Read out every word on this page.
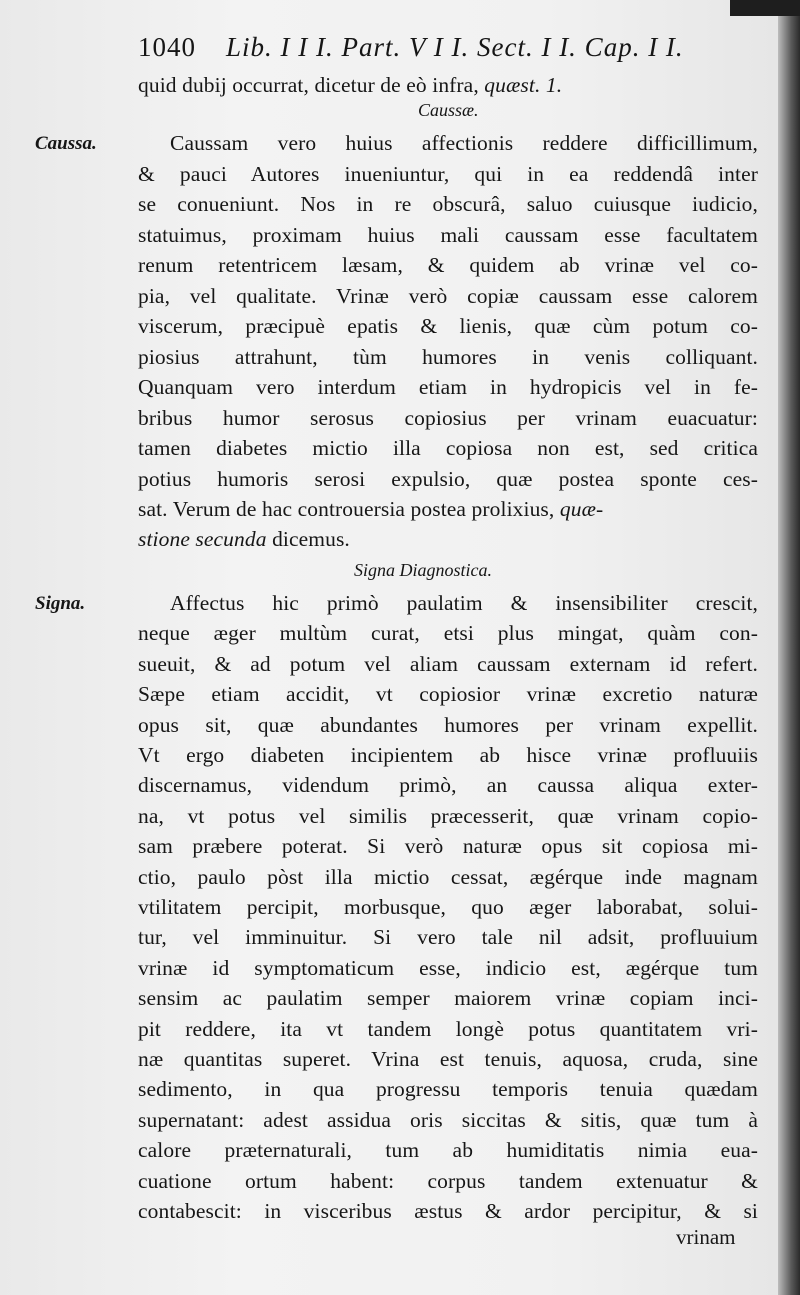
1040 Lib. I I I. Part. V I I. Sect. I I. Cap. I I.
quid dubij occurrat, dicetur de eò infra, quæst. 1.
Caussæ.
Caussa.	Caussam vero huius affectionis reddere difficillimum,
& pauci Autores inueniuntur, qui in ea reddendâ inter
se conueniunt. Nos in re obscurâ, saluo cuiusque iudicio,
statuimus, proximam huius mali caussam esse facultatem
renum retentricem læsam, & quidem ab vrinæ vel co-
pia, vel qualitate. Vrinæ verò copiæ caussam esse calorem
viscerum, præcipuè epatis & lienis, quæ cùm potum co-
piosius attrahunt, tùm humores in venis colliquant.
Quanquam vero interdum etiam in hydropicis vel in fe-
bribus humor serosus copiosius per vrinam euacuatur:
tamen diabetes mictio illa copiosa non est, sed critica
potius humoris serosi expulsio, quæ postea sponte ces-
sat. Verum de hac controuersia postea prolixius, quæ-
stione secunda dicemus.
Signa Diagnostica.
Signa.	Affectus hic primò paulatim & insensibiliter crescit,
neque æger multùm curat, etsi plus mingat, quàm con-
sueuit, & ad potum vel aliam caussam externam id refert.
Sæpe etiam accidit, vt copiosior vrinæ excretio naturæ
opus sit, quæ abundantes humores per vrinam expellit.
Vt ergo diabeten incipientem ab hisce vrinæ profluuiis
discernamus, videndum primò, an caussa aliqua exter-
na, vt potus vel similis præcesserit, quæ vrinam copio-
sam præbere poterat. Si verò naturæ opus sit copiosa mi-
ctio, paulo pòst illa mictio cessat, ægérque inde magnam
vtilitatem percipit, morbusque, quo æger laborabat, solui-
tur, vel imminuitur. Si vero tale nil adsit, profluuium
vrinæ id symptomaticum esse, indicio est, ægérque tum
sensim ac paulatim semper maiorem vrinæ copiam inci-
pit reddere, ita vt tandem longè potus quantitatem vri-
næ quantitas superet. Vrina est tenuis, aquosa, cruda, sine
sedimento, in qua progressu temporis tenuia quædam
supernatant: adest assidua oris siccitas & sitis, quæ tum à
calore præternaturali, tum ab humiditatis nimia eua-
cuatione ortum habent: corpus tandem extenuatur &
contabescit: in visceribus æstus & ardor percipitur, & si
vrinam
